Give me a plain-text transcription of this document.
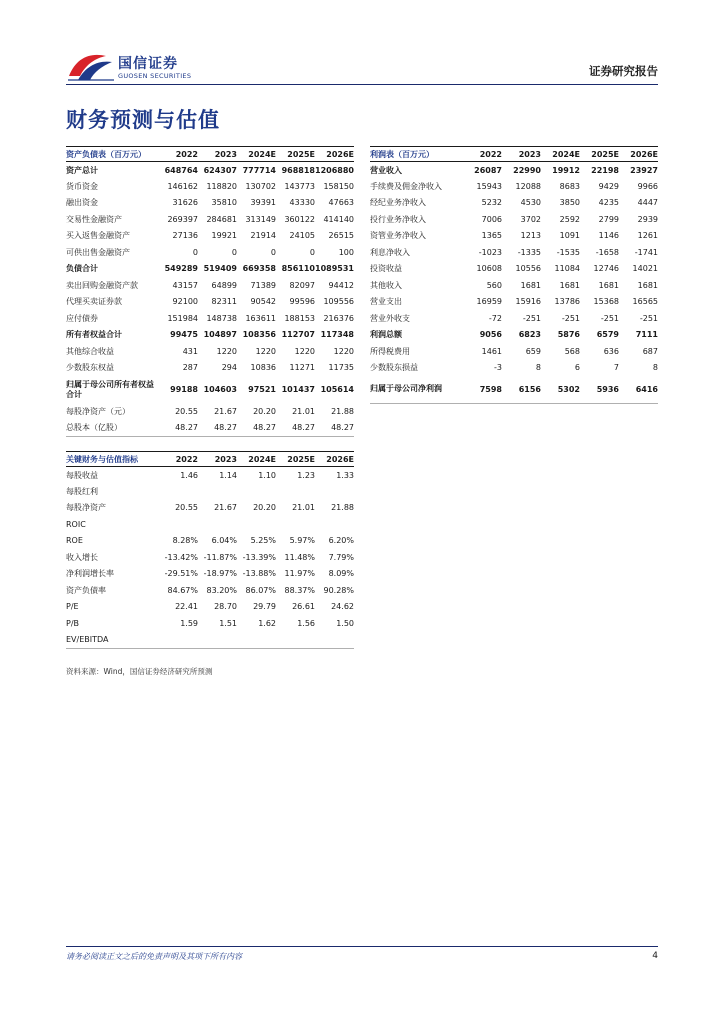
国信证券
GUOSEN SECURITIES	证券研究报告
财务预测与估值
资产负债表（百万元）	2022	2023	2024E	2025E	2026E
资产总计	648764	624307	777714	968818	1206880
货币资金	146162	118820	130702	143773	158150
融出资金	31626	35810	39391	43330	47663
交易性金融资产	269397	284681	313149	360122	414140
买入返售金融资产	27136	19921	21914	24105	26515
可供出售金融资产	0	0	0	0	100
负债合计	549289	519409	669358	856110	1089531
卖出回购金融资产款	43157	64899	71389	82097	94412
代理买卖证券款	92100	82311	90542	99596	109556
应付债券	151984	148738	163611	188153	216376
所有者权益合计	99475	104897	108356	112707	117348
其他综合收益	431	1220	1220	1220	1220
少数股东权益	287	294	10836	11271	11735
归属于母公司所有者权益合计	99188	104603	97521	101437	105614
每股净资产（元）	20.55	21.67	20.20	21.01	21.88
总股本（亿股）	48.27	48.27	48.27	48.27	48.27
利润表（百万元）	2022	2023	2024E	2025E	2026E
营业收入	26087	22990	19912	22198	23927
手续费及佣金净收入	15943	12088	8683	9429	9966
经纪业务净收入	5232	4530	3850	4235	4447
投行业务净收入	7006	3702	2592	2799	2939
资管业务净收入	1365	1213	1091	1146	1261
利息净收入	-1023	-1335	-1535	-1658	-1741
投资收益	10608	10556	11084	12746	14021
其他收入	560	1681	1681	1681	1681
营业支出	16959	15916	13786	15368	16565
营业外收支	-72	-251	-251	-251	-251
利润总额	9056	6823	5876	6579	7111
所得税费用	1461	659	568	636	687
少数股东损益	-3	8	6	7	8
归属于母公司净利润	7598	6156	5302	5936	6416
关键财务与估值指标	2022	2023	2024E	2025E	2026E
每股收益	1.46	1.14	1.10	1.23	1.33
每股红利					
每股净资产	20.55	21.67	20.20	21.01	21.88
ROIC					
ROE	8.28%	6.04%	5.25%	5.97%	6.20%
收入增长	-13.42%	-11.87%	-13.39%	11.48%	7.79%
净利润增长率	-29.51%	-18.97%	-13.88%	11.97%	8.09%
资产负债率	84.67%	83.20%	86.07%	88.37%	90.28%
P/E	22.41	28.70	29.79	26.61	24.62
P/B	1.59	1.51	1.62	1.56	1.50
EV/EBITDA					
资料来源：Wind，国信证券经济研究所预测
请务必阅读正文之后的免责声明及其项下所有内容	4
